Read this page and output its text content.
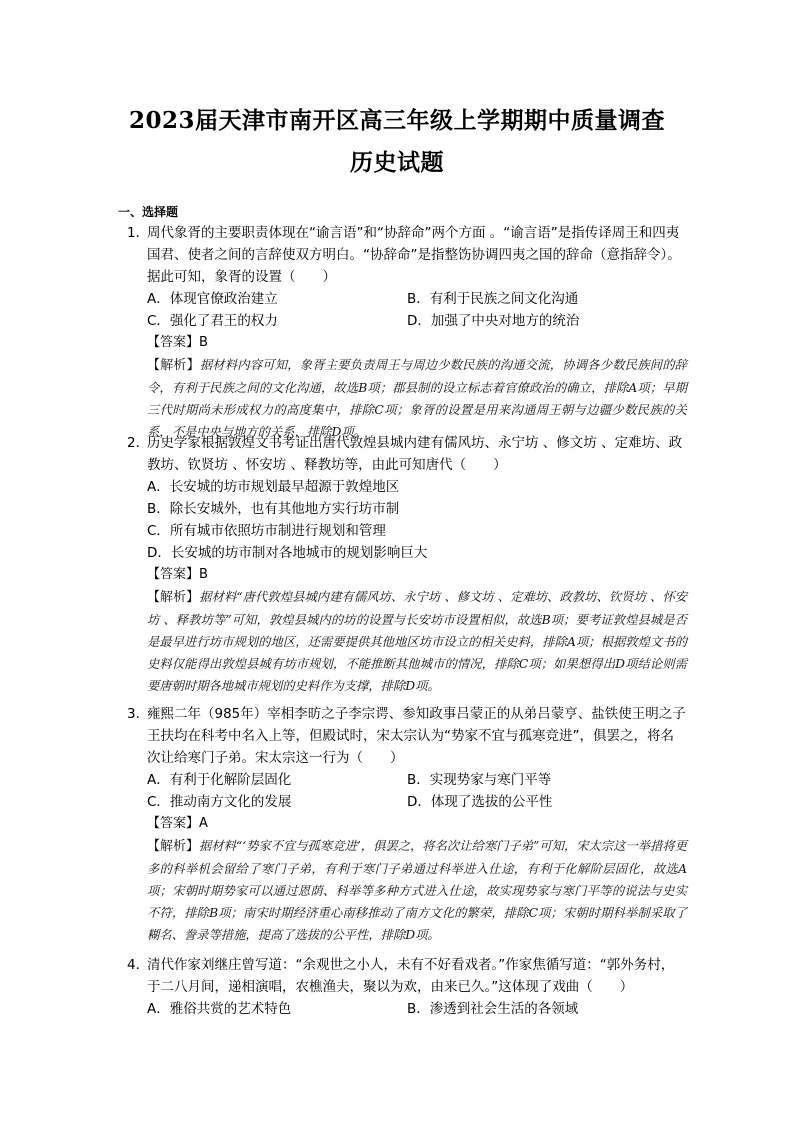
2023届天津市南开区高三年级上学期期中质量调查
历史试题
一、选择题

1．周代象胥的主要职责体现在“谕言语”和“协辞命”两个方面 。“谕言语”是指传译周王和四夷国君、使者之间的言辞使双方明白。“协辞命”是指整饬协调四夷之国的辞命（意指辞令）。据此可知，象胥的设置（　　）

A．体现官僚政治建立	B．有利于民族之间文化沟通
C．强化了君王的权力	D．加强了中央对地方的统治
【答案】B
【解析】据材料内容可知，象胥主要负责周王与周边少数民族的沟通交流，协调各少数民族间的辞令，有利于民族之间的文化沟通，故选B项；郡县制的设立标志着官僚政治的确立，排除A项；早期三代时期尚未形成权力的高度集中，排除C项；象胥的设置是用来沟通周王朝与边疆少数民族的关系，不是中央与地方的关系，排除D项。

2．历史学家根据敦煌文书考证出唐代敦煌县城内建有儒风坊、永宁坊 、修文坊 、定难坊、政教坊、钦贤坊 、怀安坊 、释教坊等，由此可知唐代（　　）

A．长安城的坊市规划最早超源于敦煌地区
B．除长安城外，也有其他地方实行坊市制
C．所有城市依照坊市制进行规划和管理
D．长安城的坊市制对各地城市的规划影响巨大
【答案】B
【解析】据材料“唐代敦煌县城内建有儒风坊、永宁坊 、修文坊 、定难坊、政教坊、钦贤坊 、怀安坊 、释教坊等”可知，敦煌县城内的坊的设置与长安坊市设置相似，故选B项；要考证敦煌县城是否是最早进行坊市规划的地区，还需要提供其他地区坊市设立的相关史料，排除A项；根据敦煌文书的史料仅能得出敦煌县城有坊市规划，不能推断其他城市的情况，排除C项；如果想得出D项结论则需要唐朝时期各地城市规划的史料作为支撑，排除D项。

3．雍熙二年（985年）宰相李昉之子李宗谔、参知政事吕蒙正的从弟吕蒙亨、盐铁使王明之子王扶均在科考中名入上等，但殿试时，宋太宗认为“势家不宜与孤寒竞进”，俱罢之，将名次让给寒门子弟。宋太宗这一行为（　　）

A．有利于化解阶层固化	B．实现势家与寒门平等
C．推动南方文化的发展	D．体现了选拔的公平性
【答案】A
【解析】据材料“‘势家不宜与孤寒竞进’，俱罢之，将名次让给寒门子弟”可知，宋太宗这一举措将更多的科举机会留给了寒门子弟，有利于寒门子弟通过科举进入仕途，有利于化解阶层固化，故选A项；宋朝时期势家可以通过恩荫、科举等多种方式进入仕途，故实现势家与寒门平等的说法与史实不符，排除B项；南宋时期经济重心南移推动了南方文化的繁荣，排除C项；宋朝时期科举制采取了糊名、誊录等措施，提高了选拔的公平性，排除D项。

4．清代作家刘继庄曾写道：“余观世之小人，未有不好看戏者。”作家焦循写道：“郭外务村，于二八月间，递相演唱，农樵渔夫，聚以为欢，由来已久。”这体现了戏曲（　　）

A．雅俗共赏的艺术特色	B．渗透到社会生活的各领域
